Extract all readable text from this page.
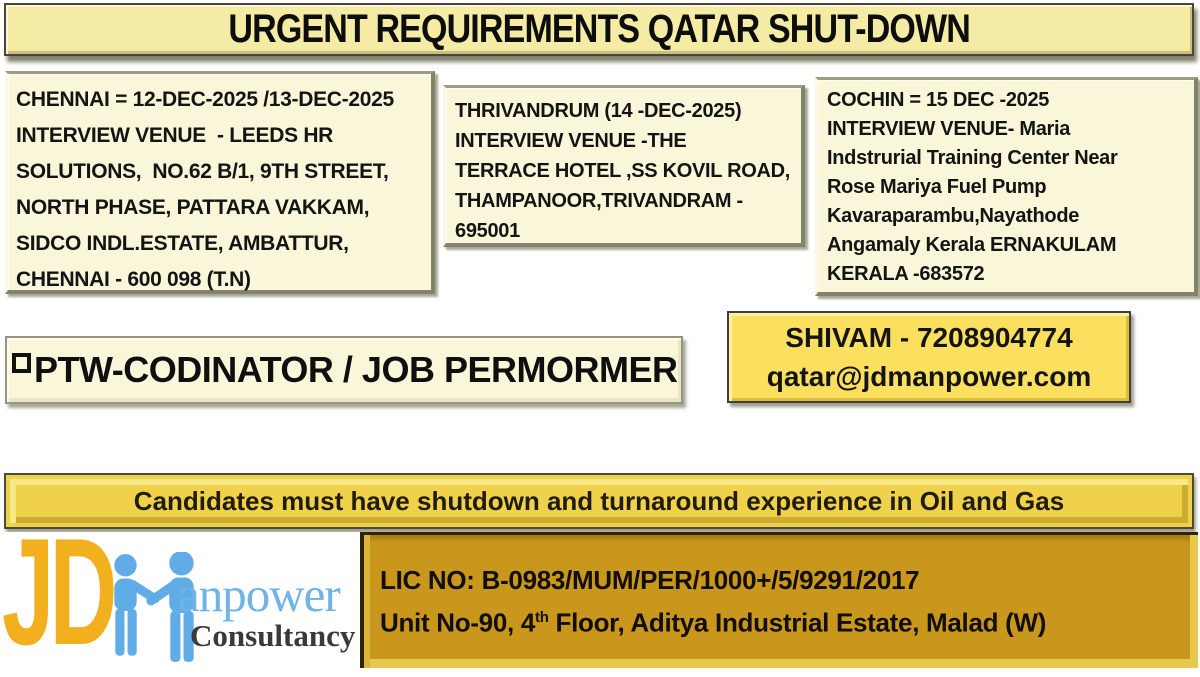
URGENT REQUIREMENTS QATAR SHUT-DOWN
CHENNAI = 12-DEC-2025 /13-DEC-2025
INTERVIEW VENUE  - LEEDS HR
SOLUTIONS,  NO.62 B/1, 9TH STREET,
NORTH PHASE, PATTARA VAKKAM,
SIDCO INDL.ESTATE, AMBATTUR,
CHENNAI - 600 098 (T.N)
THRIVANDRUM (14 -DEC-2025)
INTERVIEW VENUE -THE
TERRACE HOTEL ,SS KOVIL ROAD,
THAMPANOOR,TRIVANDRAM -
695001
COCHIN = 15 DEC -2025
INTERVIEW VENUE- Maria
Indstrurial Training Center Near
Rose Mariya Fuel Pump
Kavaraparambu,Nayathode
Angamaly Kerala ERNAKULAM
KERALA -683572
PTW-CODINATOR / JOB PERMORMER
SHIVAM - 7208904774
qatar@jdmanpower.com
Candidates must have shutdown and turnaround experience in Oil and Gas
JD anpower
Consultancy
LIC NO: B-0983/MUM/PER/1000+/5/9291/2017
Unit No-90, 4th Floor, Aditya Industrial Estate, Malad (W)
